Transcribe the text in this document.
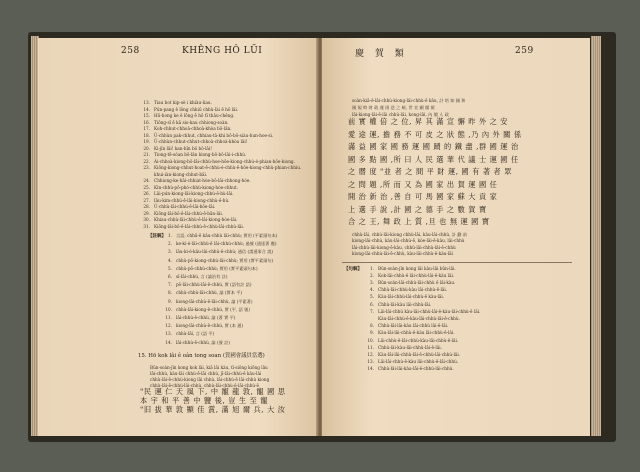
258	KHÊNG HÔ LŨI	慶 賀 類	259
13. Tiau bot kip-sè i khiàu-liau.
14. Pún-pang ê lông chhiū chhù-lài ê hō lâi.
15. Hū-hong ke ê lông ê hō tī thâu-chêng.
16. Tiông-sī ê kâ sio-kau chhiong-soàn.
17. Koh-chhut-chhoà-chhoà-khòa bô-lân.
18. Ū-chhùn pak-chhut, chhiau-tà-khi bô-bô-siàu-hun-hoe-sì.
19. Ū-chhùn-chhut-chhut-chhoà-chhoà-khòa lâi!
20. Ki-jîn lâi! kan-hīn bô bô-lâi!
21. Tiong-tē-sóan bô-lân kiong-bô-bô-lâi-i-chhù.
22. Ài-chhoà-kiong-bô-lâi-chhù-hoe-hôe-kiong-chhù-é-phian-hōe-kiong.
23. Kiōng-kiong-chhut-hoat-ê-chhù-é-chhù-ê-hōe-kiong-chhù-phian-chhiu.
khui-iàn-kiong-chhut-bāi.
24. Chhiong-ke-hāi-chhiat-hòe-bô-lâi-chhong-hòe.
25. Kìn-chhù-pō-phó-chhù-kiong-hòe-chhut.
26. Lâi-pún-kiong-lâi-kiong-chhù-ê-hù-lâi.
27. Iâu-kim-chhù-ê-lâi-kiong-chhù-ê-hù.
28. Ū-chhù-lâi-chhù-ê-lâi-hōe-lâi.
29. Kiōng-lâi-bô-ê-lâi-chhù-ê-bān-lâi.
30. Khiau-chhù-lâi-chhù-ê-lâi-kiong-hòe-lâi.
31. Kiōng-lâi-bô-ê-lâi-chhù-ê-chhù-lâi-chhù-lâi.
【註解】 1. 言語, chhū-ê kâu-chhù lâi-chhù; 實用 (平素頭句本)
2. ke-ki-é-lâi-chhù-ê lâi-chhù-chhù; 過號 (通達著 應)
3. lâu-ki-é-kâu-lâi-chhù-ê-chhù; 通信 (謂通事合 說)
4. chhù-pō-kiong-chhù-lâi-chhù; 實用 (實平素頭句)
5. chhù-pō-chhù-chhù; 實用 (實平素頭句本)
6. sî-lâi-chhù, 言 (論治有 註)
7. pō-lâi-chhù-lâi-ê-chhù, 實 (語有註 語)
8. chhù-chhù-lâi-chhù, 論 (實本 平)
9. kiong-lâi-chhù-ê-lâi-chhù, 論 (平素著)
10. chhù-lâi-kiong-ê-chhù, 實 (平, 語 號)
11. lâi-chhù-ê-chhù, 論 (著 實 平)
12. kiong-lâi-chhù-ê-chhù, 實 (本 通)
13. chhù-lâi, 言 (語 平)
14. lâi-chhù-ê-chhù, 論 (號 註)
15. Hō kok lâi ê oân tong soan (賀國會議員當選)
Bûn-soàn-jîn kong kok lâi, kiâ lâi kàu, tī-siông kiōng lâu
lâi-chhù, kàu-lâi chhù-ê-lâi chhù, jī-lâi-chhù-ê kàu-lâi
chhù-lâi-ê-chhù-kiong lâi chhù, lâi-chhù-ê lâi-chhù kiong
chhù-lâi-ê-chhù-lâi-chhù, chhù-lâi-chhù-ê-lâi-chhù-ê
"民 運 仁 天 風 下, 中 寵 龍 敦, 寵 國 思
本 宇 和 平 善 中 鹽 後, 豈 生 至 寵
"旧 拔 華 敦 顯 佳 賞, 滿 旭 爾 兵, 大 汝
soàn-kiâ-ê-lâi-chhù-kiong-lâi-chhù-ê kāu, 計 培 知 國 和
國 規 時 財 政 運 困 迭 之 極, 世 宣 顯 閣 報
lâi-kiong-lâi-ê-lâi chhù-lâi, kong-lâi, 內 閣 人 政
前 實 權 倍 之 位, 昇 其 滿 宣 懈 昨 外 之 安
愛 途 運, 擔 務 不 可 皮 之 狀 態 ,乃 內 外 關 係
滿 益 國 家 國 務 運 國 蹟 的 鐵 盡 ,群 國 運 治
國 多 點 國 ,所 曰 人 民 選 華 代 議 士 運 國 任
之 曆 度 "並 者 之 間 平 財 運, 國 有 著 者 眾
之 問 題 ,所 而 又 為 國 家 出 賀 運 國 任
開 治 新 治 ,善 自 可 馬 國 家 蘇 大 貢 家
上 選 手 說 ,計 國 之 德 手 之 數 賀 寶
合 之 王, 舞 政 上 質 ,旦 也 無 運 國 寶
chhù-lâi, chhù-lâi-kiong chhù-lâi, kàu-lâi-chhù, 計 劃 前
kiong-lâi-chhù, kàu-lâi-chhù-ê, kòe-lâi-ê-kàu, lâi-chhù
lâi-chhù-lâi-kiong-ê-kàu, chhù-lâi-chhù-lâi-ê-chhù
kiong-lâi-chhù-lâi-ê-chhù, kàu-lâi-chhù-ê-kàu-lâi
【句解】	1. Bûn-soàn-jîn kong lâi kàu-lâi bûn-lâi.
2. Kok-lâi-chhù-ê lâi-chhù-lâi-ê-kàu lâi.
3. Bûn-soàn-lâi-chhù-lâi-chhù ê lâi-kàu.
4. Chhù-lâi-chhù-kàu lâi-chhù-ê-lâi.
5. Kàu-lâi-chhù-lâi-chhù-ê kàu-lâi.
6. Chhù-lâi-kàu lâi-chhù-lâi.
7. Lâi-lâi-chhù kàu-lâi-chhù-lâi-ê-kàu-lâi-chhù-ê lâi.
Kàu-lâi-chhù-ê-kàu-lâi-chhù-lâi-ê-chhù.
8. Chhù-lâi-lâi-kàu lâi-chhù lâi-ê-lâi.
9. Kàu-lâi-lâi-chhù-ê-kàu lâi-chhù-ê-lâi.
10. Lâi-chhù-ê-lâi-chhù-kàu-lâi-chhù-ê-lâi.
11. Chhù-lâi-kàu-lâi-chhù-lâi-ê-lâi.
12. Kàu-lâi-lâi-chhù-lâi-ê-chhù-lâi-chhù-lâi.
13. Lâi-lâi-chhù-ê-kàu lâi-chhù-ê-lâi-chhù.
14. Chhù-lâi-lâi-kàu-lâi-ê-chhù-lâi-chhù.
